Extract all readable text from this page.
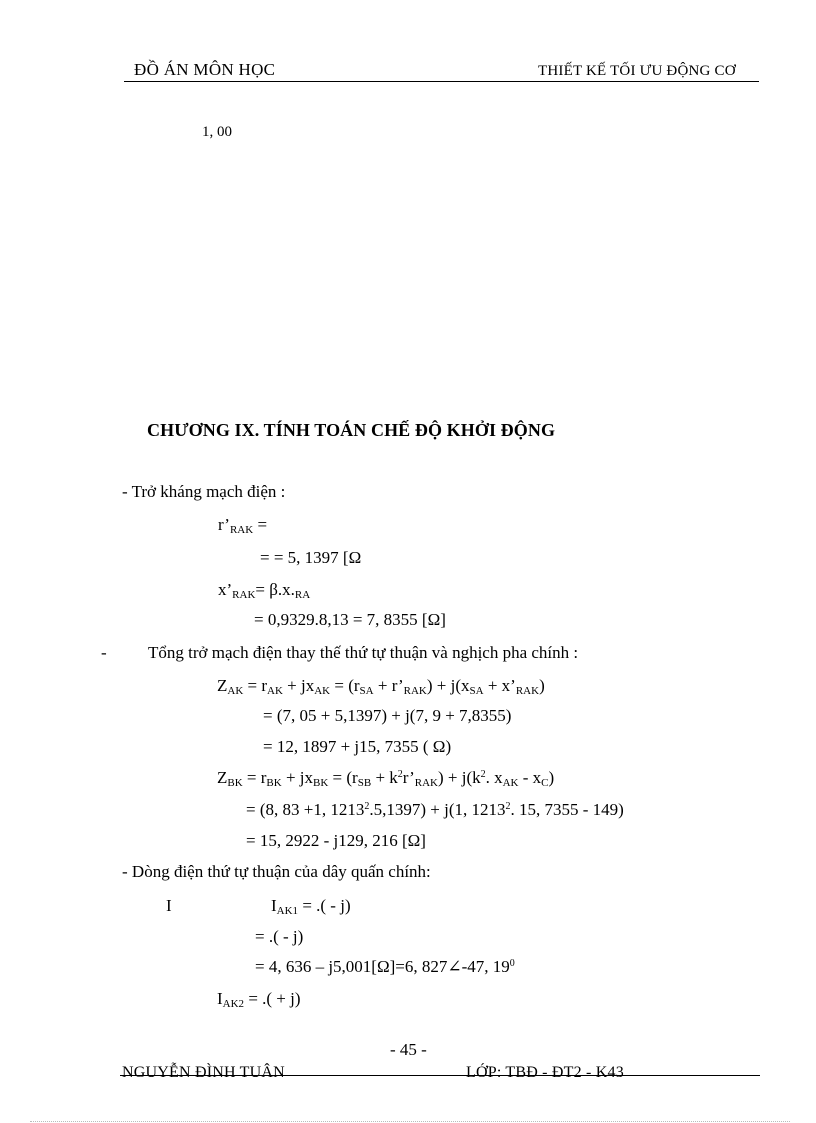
ĐỒ ÁN MÔN HỌC	THIẾT KẾ TỐI ƯU ĐỘNG CƠ
1, 00
CHƯƠNG IX. TÍNH TOÁN CHẾ ĐỘ KHỞI ĐỘNG
- Trở kháng mạch điện :
$r’_{RAK}$ =
= = 5, 1397 [Ω
$x’_{RAK}= \beta.x._{RA}$
= 0,9329.8,13 = 7, 8355 [Ω]
- Tổng trở mạch điện thay thế thứ tự thuận và nghịch pha chính :
$Z_{AK} = r_{AK} + jx_{AK} = (r_{SA}$ + $r’_{RAK}) + j(x_{SA}$ + $x’_{RAK}$)
= (7, 05 + 5,1397) + j(7, 9 + 7,8355)
= 12, 1897 + j15, 7355 ( Ω)
$Z_{BK} = r_{BK} + jx_{BK} = (r_{SB}$ + $k^2r’_{RAK}) + j(k^2$. $x_{AK} - x_C$)
= (8, 83 +1, $1213^2.5,1397) + j(1$, 1213$^2$. 15, 7355 - 149)
= 15, 2922 - j129, 216 [Ω]
- Dòng điện thứ tự thuận của dây quấn chính:
I	$I_{AK1}$ = .( - j)
= .( - j)
= 4, 636 – j5,001[Ω]=6, 827∠-47, $19^0$
$I_{AK2}$ = .( + j)
- 45 -
NGUYỄN ĐÌNH TUÂN	LỚP: TBĐ - ĐT2 - K43
